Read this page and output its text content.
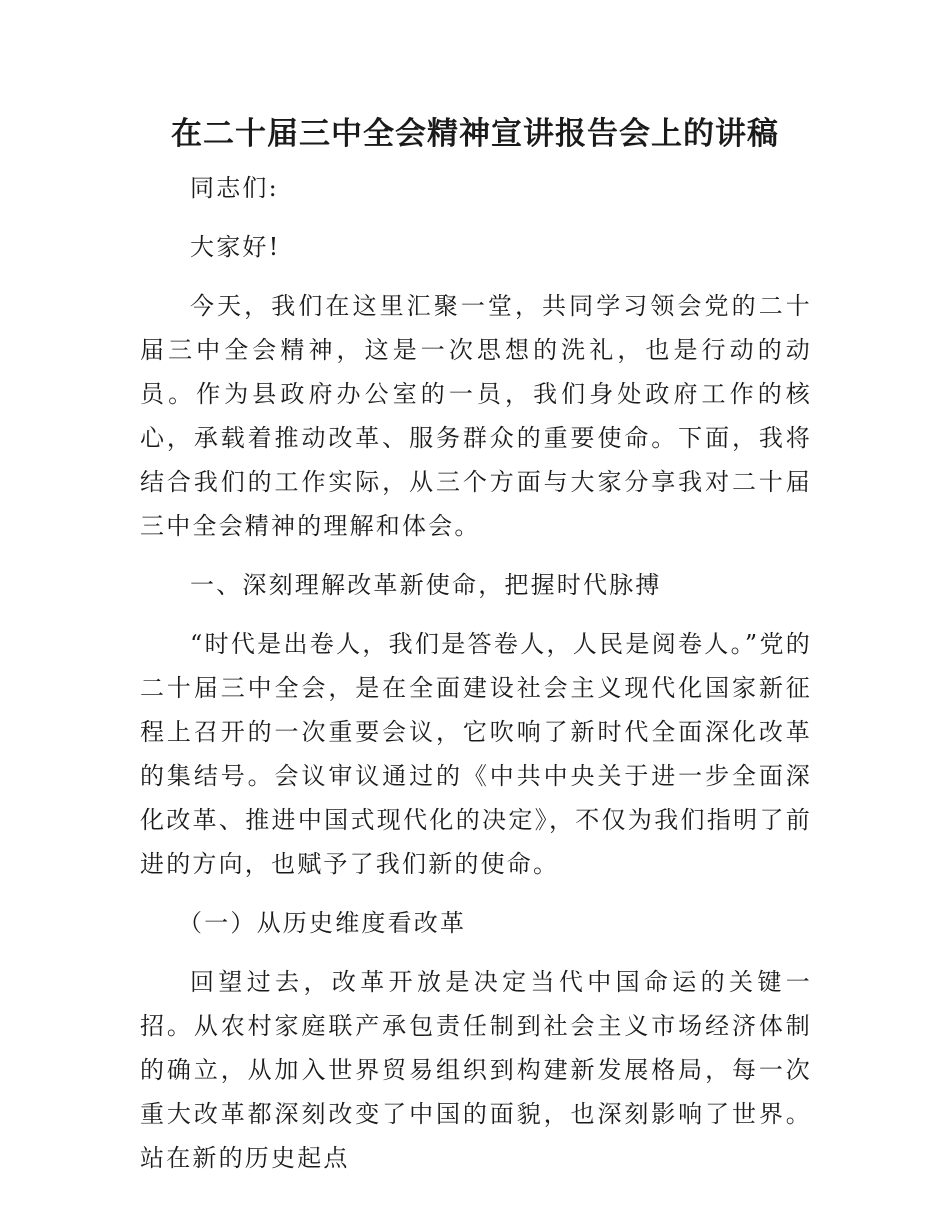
在二十届三中全会精神宣讲报告会上的讲稿

同志们:

大家好!

今天，我们在这里汇聚一堂，共同学习领会党的二十届三中全会精神，这是一次思想的洗礼，也是行动的动员。作为县政府办公室的一员，我们身处政府工作的核心，承载着推动改革、服务群众的重要使命。下面，我将结合我们的工作实际，从三个方面与大家分享我对二十届三中全会精神的理解和体会。

一、深刻理解改革新使命，把握时代脉搏

“时代是出卷人，我们是答卷人，人民是阅卷人。”党的二十届三中全会，是在全面建设社会主义现代化国家新征程上召开的一次重要会议，它吹响了新时代全面深化改革的集结号。会议审议通过的《中共中央关于进一步全面深化改革、推进中国式现代化的决定》，不仅为我们指明了前进的方向，也赋予了我们新的使命。

（一）从历史维度看改革

回望过去，改革开放是决定当代中国命运的关键一招。从农村家庭联产承包责任制到社会主义市场经济体制的确立，从加入世界贸易组织到构建新发展格局，每一次重大改革都深刻改变了中国的面貌，也深刻影响了世界。站在新的历史起点
